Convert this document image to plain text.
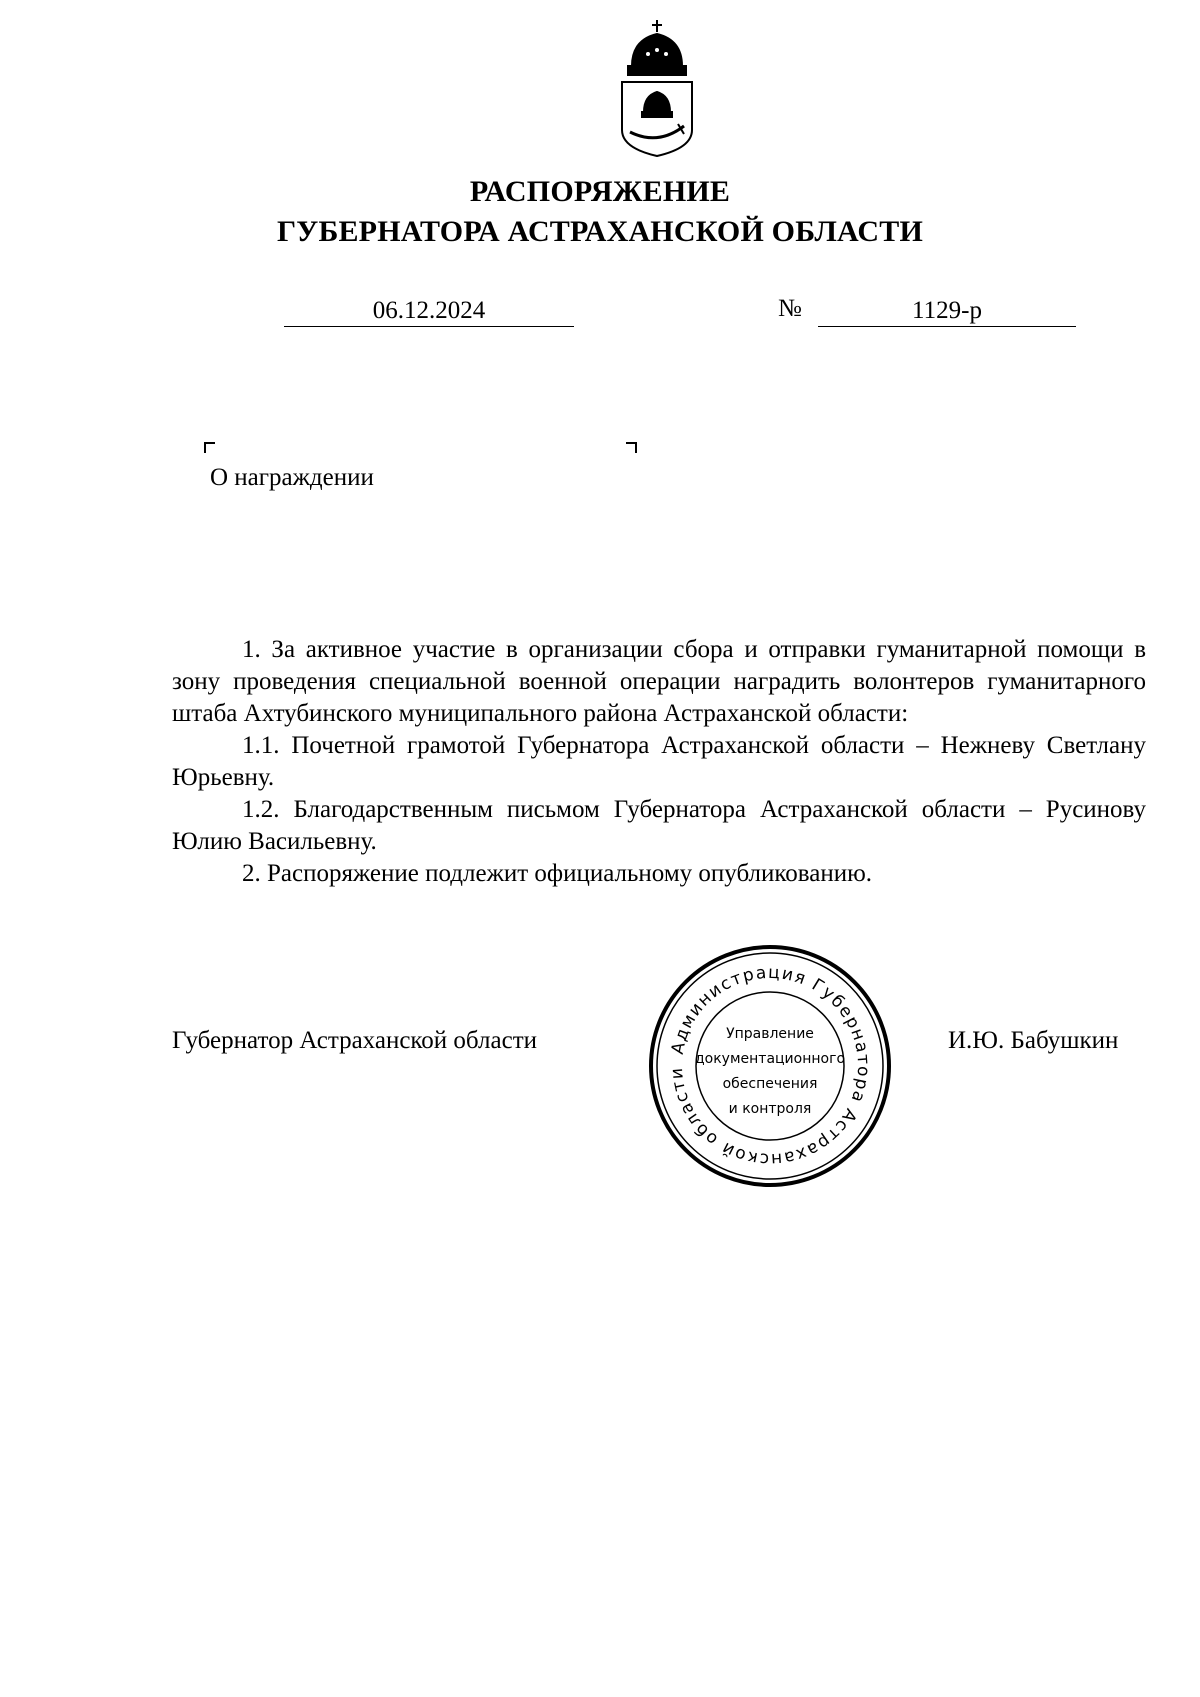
РАСПОРЯЖЕНИЕ
ГУБЕРНАТОРА АСТРАХАНСКОЙ ОБЛАСТИ
06.12.2024	№	1129-р
О награждении

1. За активное участие в организации сбора и отправки гуманитарной помощи в зону проведения специальной военной операции наградить волонтеров гуманитарного штаба Ахтубинского муниципального района Астраханской области:

1.1. Почетной грамотой Губернатора Астраханской области – Нежневу Светлану Юрьевну.

1.2. Благодарственным письмом Губернатора Астраханской области – Русинову Юлию Васильевну.

2. Распоряжение подлежит официальному опубликованию.

Губернатор Астраханской области	И.Ю. Бабушкин
Администрация Губернатора Астраханской области
Управление
документационного
обеспечения
и контроля
